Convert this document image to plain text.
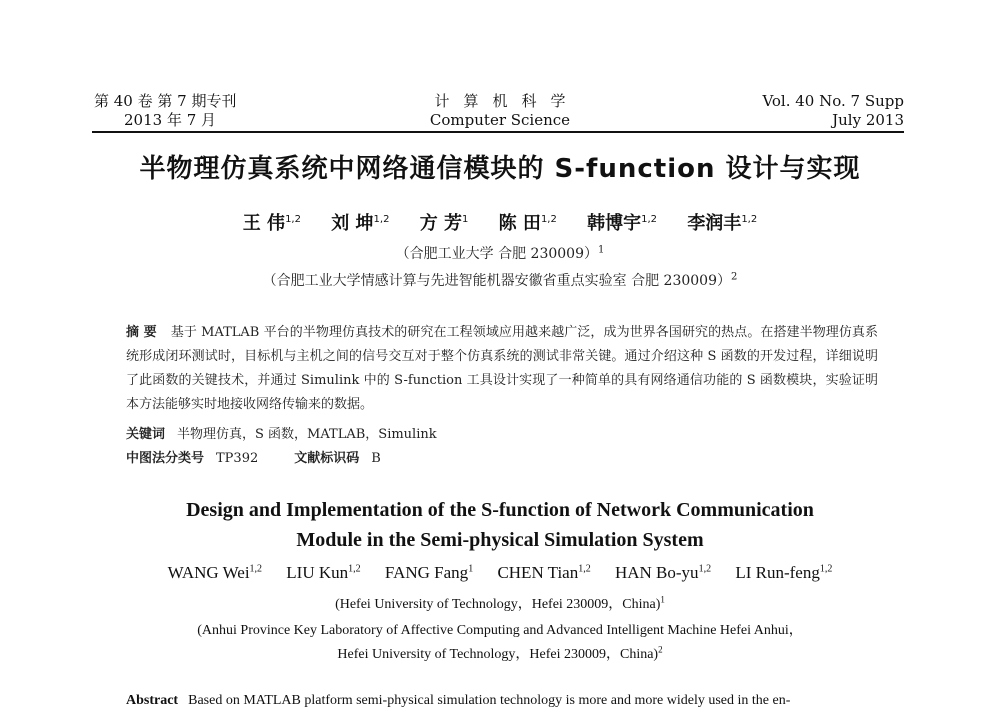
第 40 卷 第 7 期专刊
2013 年 7 月
计算机科学
Computer Science
Vol. 40 No. 7 Supp
July 2013
半物理仿真系统中网络通信模块的 S-function 设计与实现
王 伟$^{1,2}$ 刘 坤$^{1,2}$ 方 芳$^1$ 陈 田$^{1,2}$ 韩博宇$^{1,2}$ 李润丰$^{1,2}$
（合肥工业大学 合肥 230009）$^1$
（合肥工业大学情感计算与先进智能机器安徽省重点实验室 合肥 230009）$^2$
摘 要 基于 MATLAB 平台的半物理仿真技术的研究在工程领域应用越来越广泛，成为世界各国研究的热点。在搭建半物理仿真系统形成闭环测试时，目标机与主机之间的信号交互对于整个仿真系统的测试非常关键。通过介绍这种 S 函数的开发过程，详细说明了此函数的关键技术，并通过 Simulink 中的 S-function 工具设计实现了一种简单的具有网络通信功能的 S 函数模块，实验证明本方法能够实时地接收网络传输来的数据。
关键词 半物理仿真，S 函数，MATLAB，Simulink
中图法分类号 TP392	文献标识码 B
Design and Implementation of the S-function of Network Communication
Module in the Semi-physical Simulation System
WANG Wei$^{1,2}$ LIU Kun$^{1,2}$ FANG Fang$^1$ CHEN Tian$^{1,2}$ HAN Bo-yu$^{1,2}$ LI Run-feng$^{1,2}$
(Hefei University of Technology，Hefei 230009，China)$^1$
(Anhui Province Key Laboratory of Affective Computing and Advanced Intelligent Machine Hefei Anhui，
Hefei University of Technology，Hefei 230009，China)$^2$
Abstract Based on MATLAB platform semi-physical simulation technology is more and more widely used in the en-
